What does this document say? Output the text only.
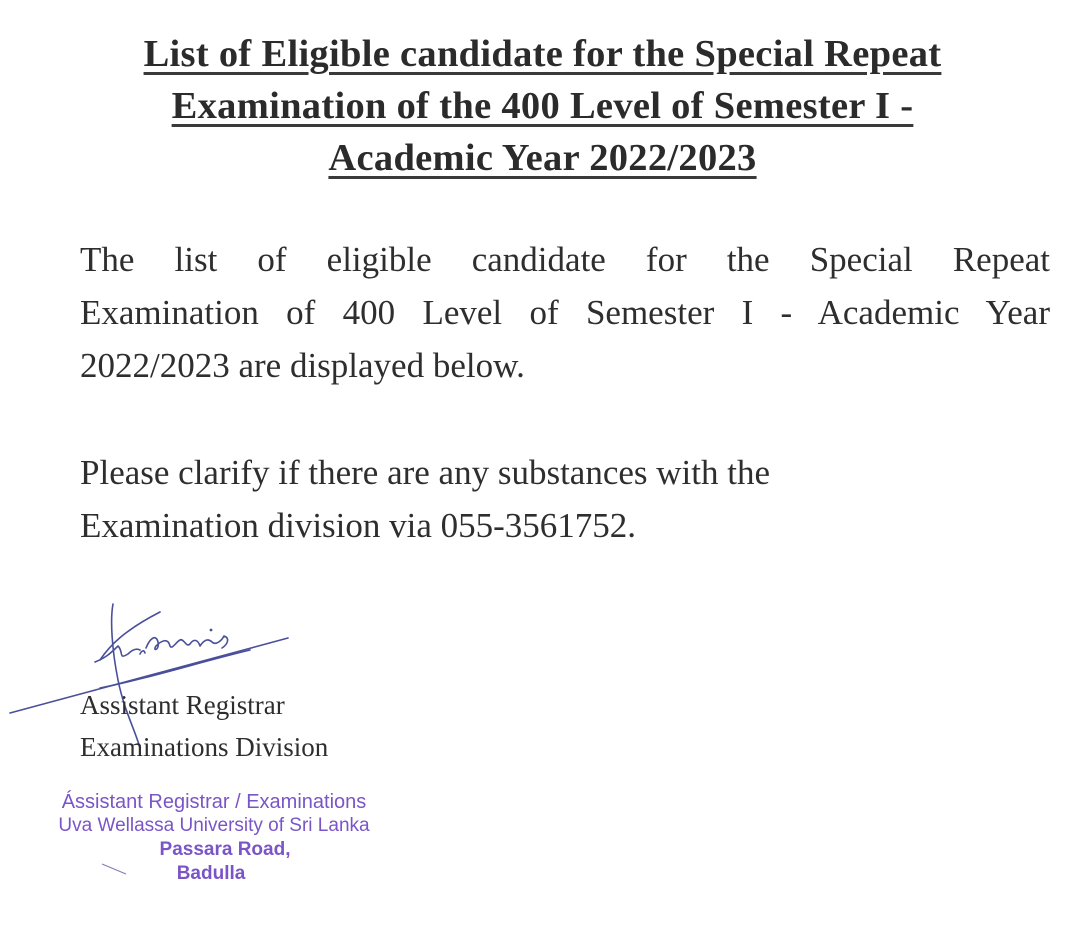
List of Eligible candidate for the Special Repeat
Examination of the 400 Level of Semester I -
Academic Year 2022/2023
The list of eligible candidate for the Special Repeat
Examination of 400 Level of Semester I - Academic Year
2022/2023 are displayed below.
Please clarify if there are any substances with the
Examination division via 055-3561752.
Assistant Registrar
Examinations Division
Ássistant Registrar / Examinations
Uva Wellassa University of Sri Lanka
Passara Road,
Badulla
